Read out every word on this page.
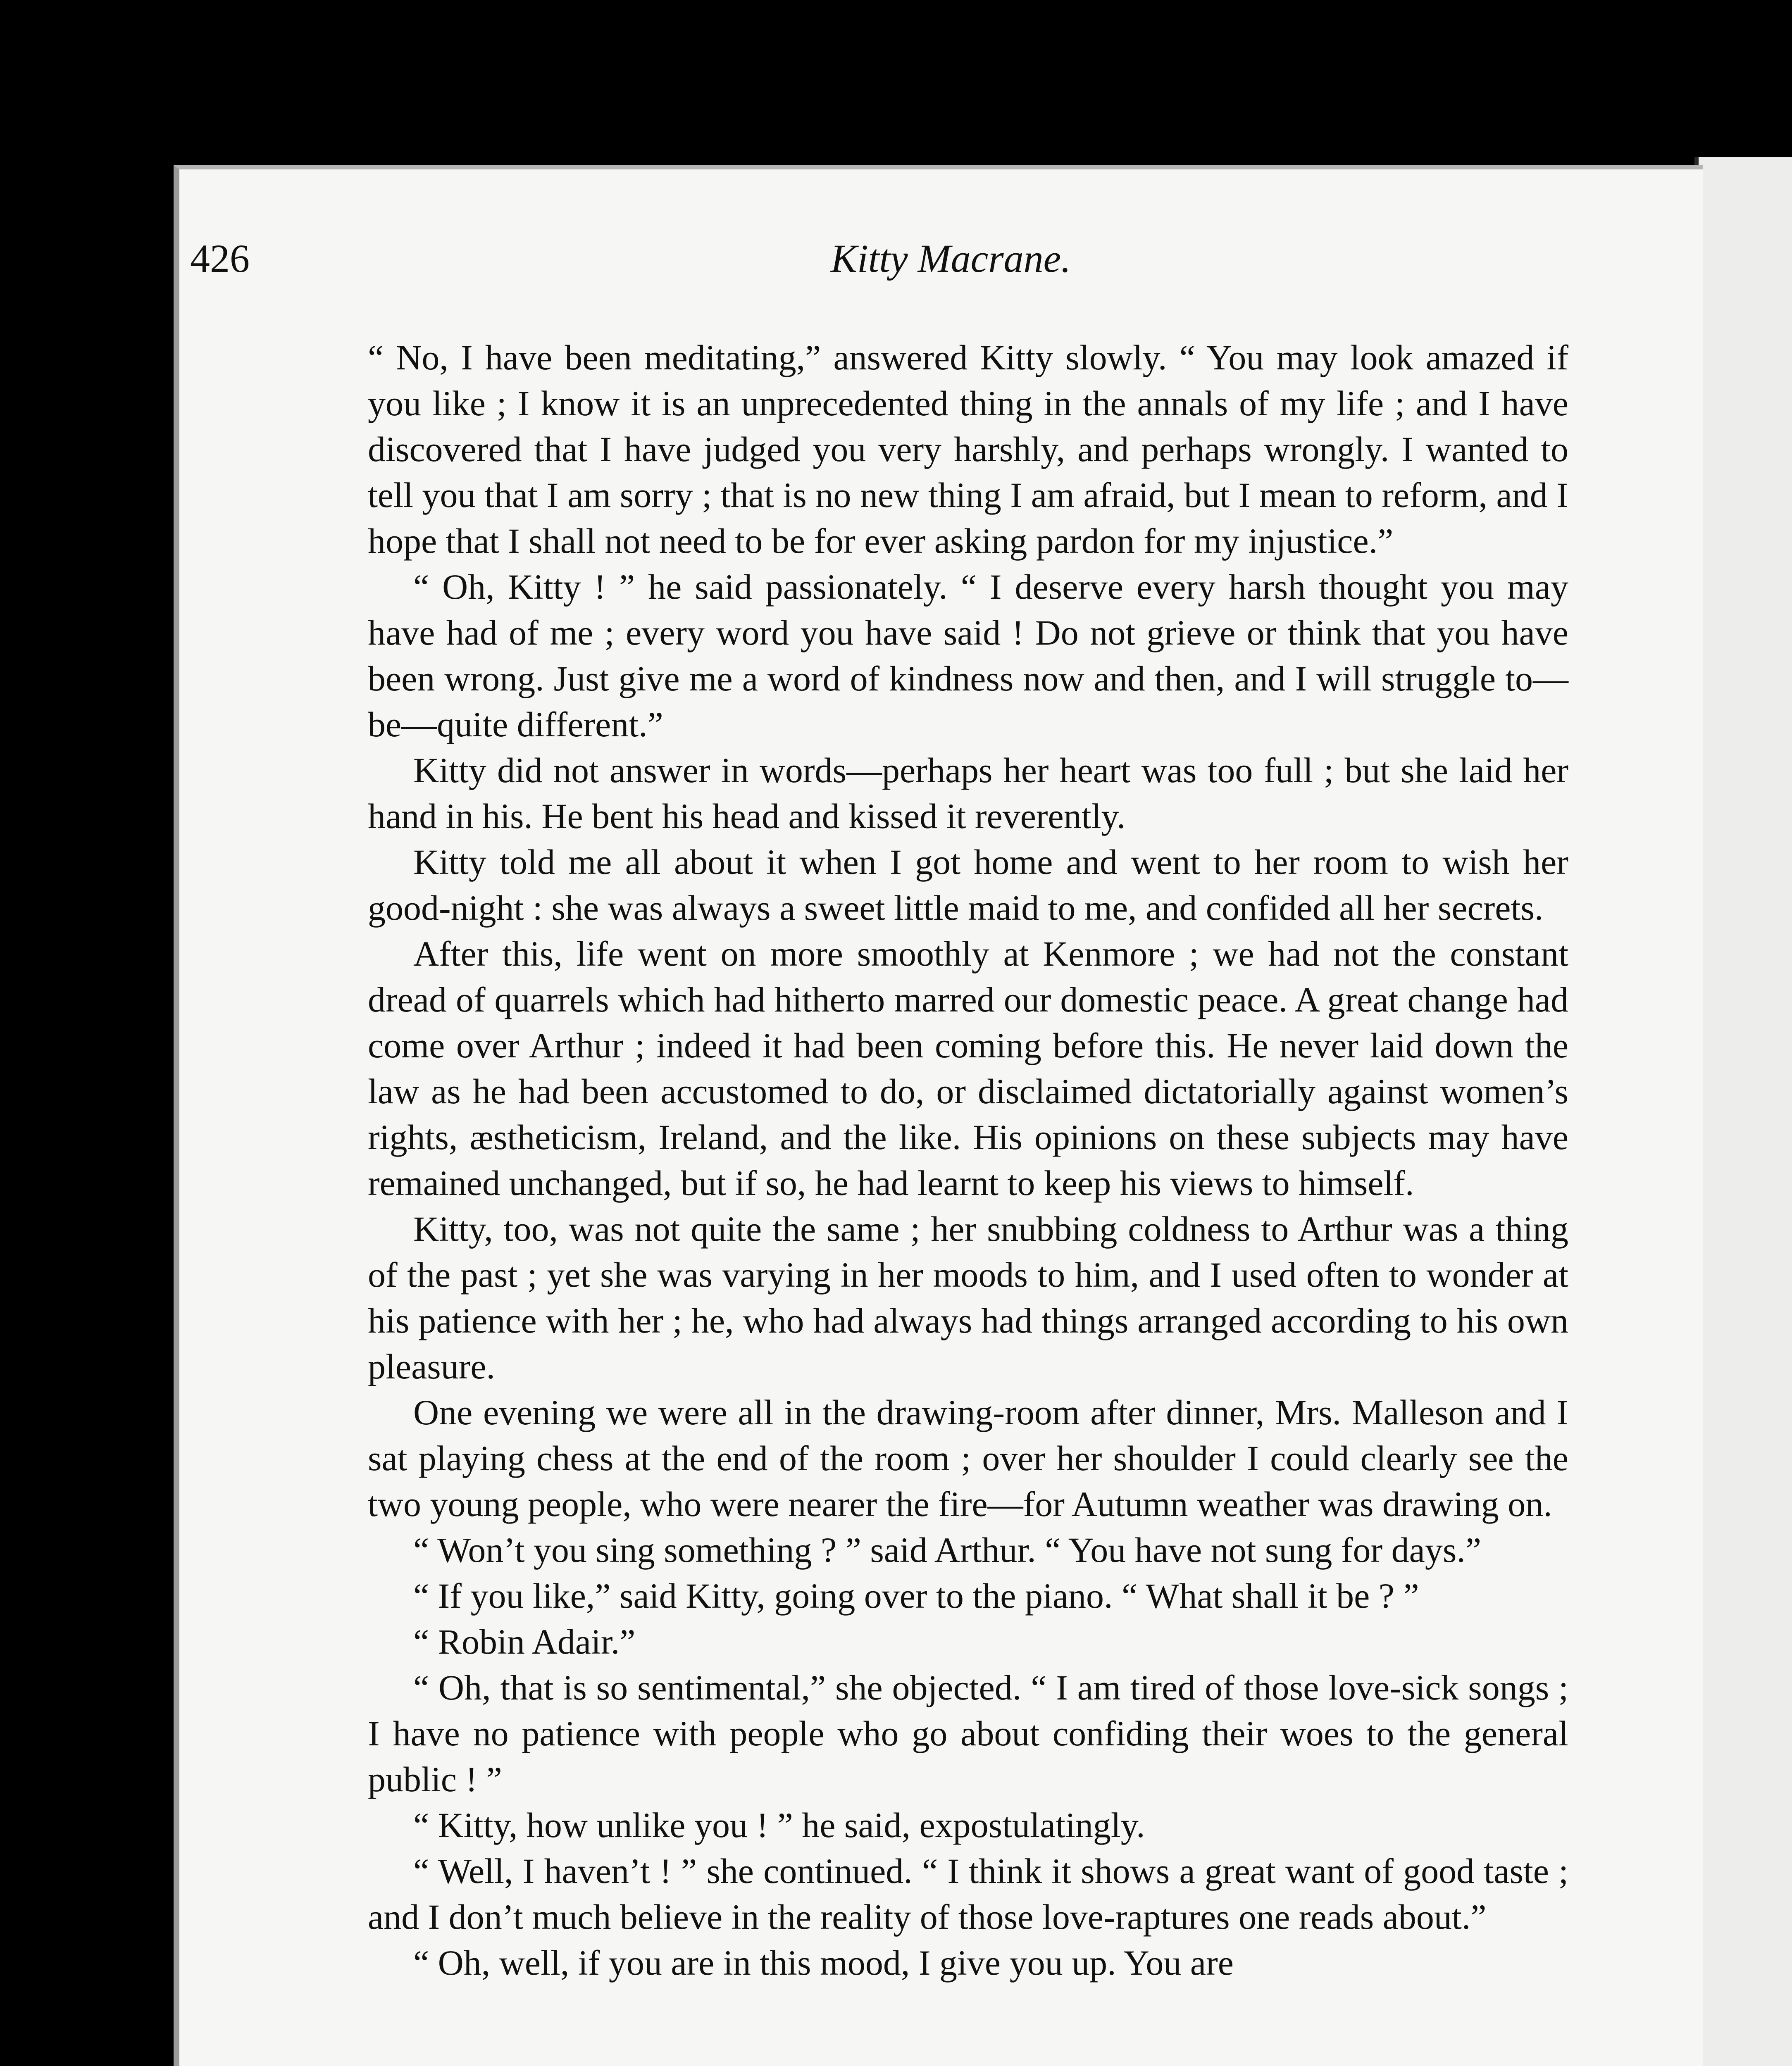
426	Kitty Macrane.

“ No, I have been meditating,” answered Kitty slowly. “ You may look amazed if you like ; I know it is an unprecedented thing in the annals of my life ; and I have discovered that I have judged you very harshly, and perhaps wrongly. I wanted to tell you that I am sorry ; that is no new thing I am afraid, but I mean to reform, and I hope that I shall not need to be for ever asking pardon for my injustice.”

“ Oh, Kitty ! ” he said passionately. “ I deserve every harsh thought you may have had of me ; every word you have said ! Do not grieve or think that you have been wrong. Just give me a word of kindness now and then, and I will struggle to—be—quite different.”

Kitty did not answer in words—perhaps her heart was too full ; but she laid her hand in his. He bent his head and kissed it reverently.

Kitty told me all about it when I got home and went to her room to wish her good-night : she was always a sweet little maid to me, and confided all her secrets.

After this, life went on more smoothly at Kenmore ; we had not the constant dread of quarrels which had hitherto marred our domestic peace. A great change had come over Arthur ; indeed it had been coming before this. He never laid down the law as he had been accustomed to do, or disclaimed dictatorially against women’s rights, æstheticism, Ireland, and the like. His opinions on these subjects may have remained unchanged, but if so, he had learnt to keep his views to himself.

Kitty, too, was not quite the same ; her snubbing coldness to Arthur was a thing of the past ; yet she was varying in her moods to him, and I used often to wonder at his patience with her ; he, who had always had things arranged according to his own pleasure.

One evening we were all in the drawing-room after dinner, Mrs. Malleson and I sat playing chess at the end of the room ; over her shoulder I could clearly see the two young people, who were nearer the fire—for Autumn weather was drawing on.

“ Won’t you sing something ? ” said Arthur. “ You have not sung for days.”

“ If you like,” said Kitty, going over to the piano. “ What shall it be ? ”

“ Robin Adair.”

“ Oh, that is so sentimental,” she objected. “ I am tired of those love-sick songs ; I have no patience with people who go about confiding their woes to the general public ! ”

“ Kitty, how unlike you ! ” he said, expostulatingly.

“ Well, I haven’t ! ” she continued. “ I think it shows a great want of good taste ; and I don’t much believe in the reality of those love-raptures one reads about.”

“ Oh, well, if you are in this mood, I give you up. You are
